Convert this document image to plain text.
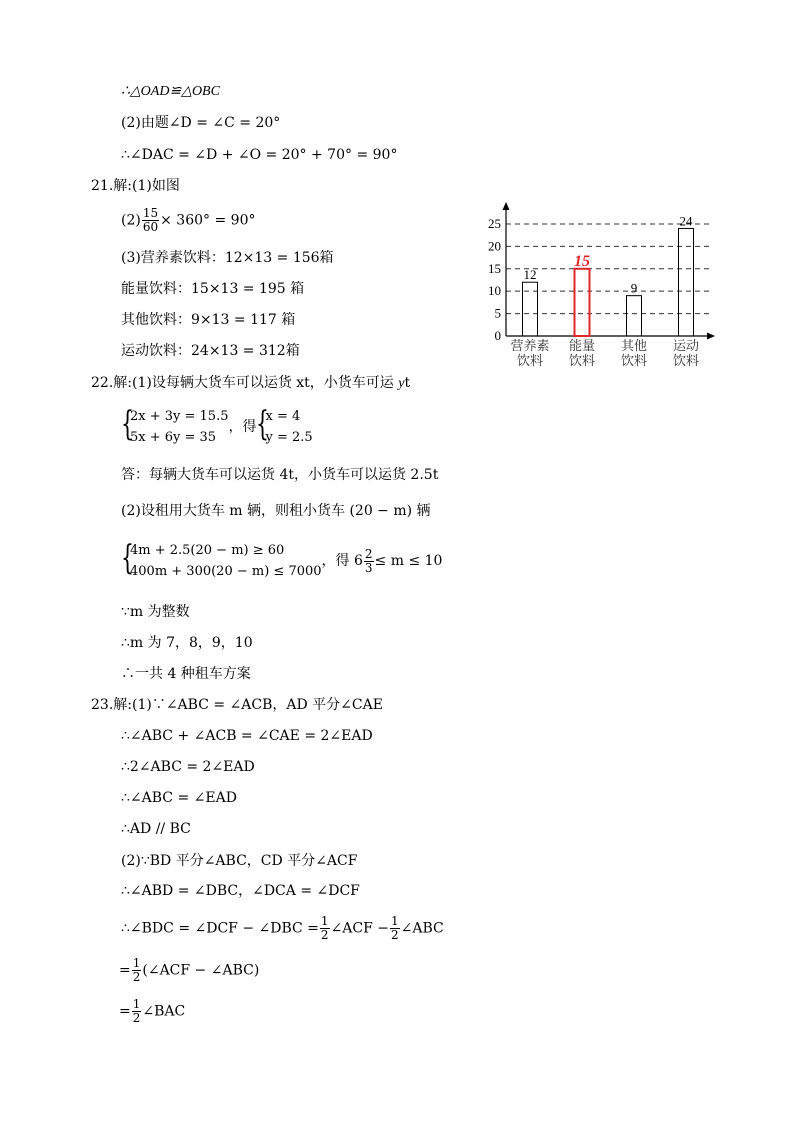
∴△OAD≌△OBC
(2)由题∠D = ∠C = 20°
∴∠DAC = ∠D + ∠O = 20° + 70° = 90°
21.解:(1)如图
$(2) \frac{15}{60} \times 360^\circ = 90^\circ$
(3)营养素饮料：12×13 = 156箱
能量饮料：15×13 = 195 箱
其他饮料：9×13 = 117 箱
运动饮料：24×13 = 312箱
22.解:(1)设每辆大货车可以运货 xt，小货车可运 yt
{
2x + 3y = 15.5
5x + 6y = 35
，得 {
x = 4
y = 2.5
答：每辆大货车可以运货 4t，小货车可以运货 2.5t
(2)设租用大货车 m 辆，则租小货车 (20 − m) 辆
{
4m + 2.5(20 − m) ≥ 60
400m + 300(20 − m) ≤ 7000
，得 $6 \frac{2}{3} \le m \le 10$
∵m 为整数
∴m 为 7，8，9，10
∴一共 4 种租车方案
23.解:(1)∵∠ABC = ∠ACB，AD 平分∠CAE
∴∠ABC + ∠ACB = ∠CAE = 2∠EAD
∴2∠ABC = 2∠EAD
∴∠ABC = ∠EAD
∴AD // BC
(2)∵BD 平分∠ABC，CD 平分∠ACF
∴∠ABD = ∠DBC，∠DCA = ∠DCF
∴∠BDC = ∠DCF − ∠DBC = $\frac{1}{2}$ ∠ACF − $\frac{1}{2}$ ∠ABC
= $\frac{1}{2}$ (∠ACF − ∠ABC)
= $\frac{1}{2}$ ∠BAC
0
5
10
15
20
25
12
营养素
饮料
15
能量
饮料
9
其他
饮料
24
运动
饮料
